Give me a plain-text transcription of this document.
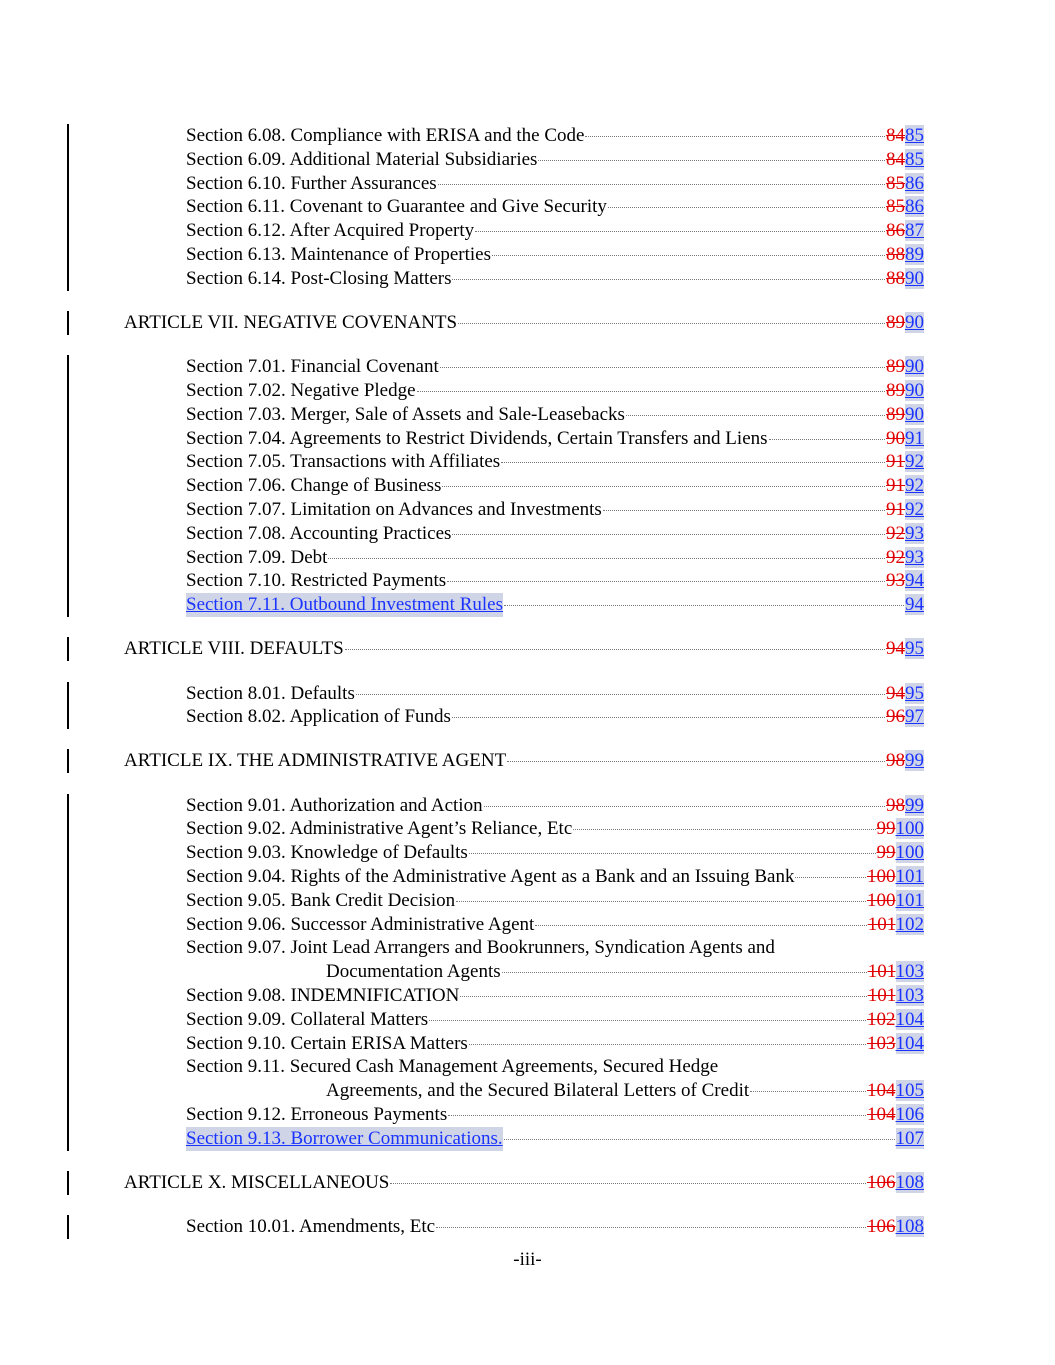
Section 6.08. Compliance with ERISA and the Code	8485
Section 6.09. Additional Material Subsidiaries	8485
Section 6.10. Further Assurances	8586
Section 6.11. Covenant to Guarantee and Give Security	8586
Section 6.12. After Acquired Property	8687
Section 6.13. Maintenance of Properties	8889
Section 6.14. Post-Closing Matters	8890
ARTICLE VII. NEGATIVE COVENANTS	8990
Section 7.01. Financial Covenant	8990
Section 7.02. Negative Pledge	8990
Section 7.03. Merger, Sale of Assets and Sale-Leasebacks	8990
Section 7.04. Agreements to Restrict Dividends, Certain Transfers and Liens	9091
Section 7.05. Transactions with Affiliates	9192
Section 7.06. Change of Business	9192
Section 7.07. Limitation on Advances and Investments	9192
Section 7.08. Accounting Practices	9293
Section 7.09. Debt	9293
Section 7.10. Restricted Payments	9394
Section 7.11. Outbound Investment Rules	94
ARTICLE VIII. DEFAULTS	9495
Section 8.01. Defaults	9495
Section 8.02. Application of Funds	9697
ARTICLE IX. THE ADMINISTRATIVE AGENT	9899
Section 9.01. Authorization and Action	9899
Section 9.02. Administrative Agent’s Reliance, Etc	99100
Section 9.03. Knowledge of Defaults	99100
Section 9.04. Rights of the Administrative Agent as a Bank and an Issuing Bank	100101
Section 9.05. Bank Credit Decision	100101
Section 9.06. Successor Administrative Agent	101102
Section 9.07. Joint Lead Arrangers and Bookrunners, Syndication Agents and
Documentation Agents	101103
Section 9.08. INDEMNIFICATION	101103
Section 9.09. Collateral Matters	102104
Section 9.10. Certain ERISA Matters	103104
Section 9.11. Secured Cash Management Agreements, Secured Hedge
Agreements, and the Secured Bilateral Letters of Credit	104105
Section 9.12. Erroneous Payments	104106
Section 9.13. Borrower Communications.	107
ARTICLE X. MISCELLANEOUS	106108
Section 10.01. Amendments, Etc	106108
-iii-
